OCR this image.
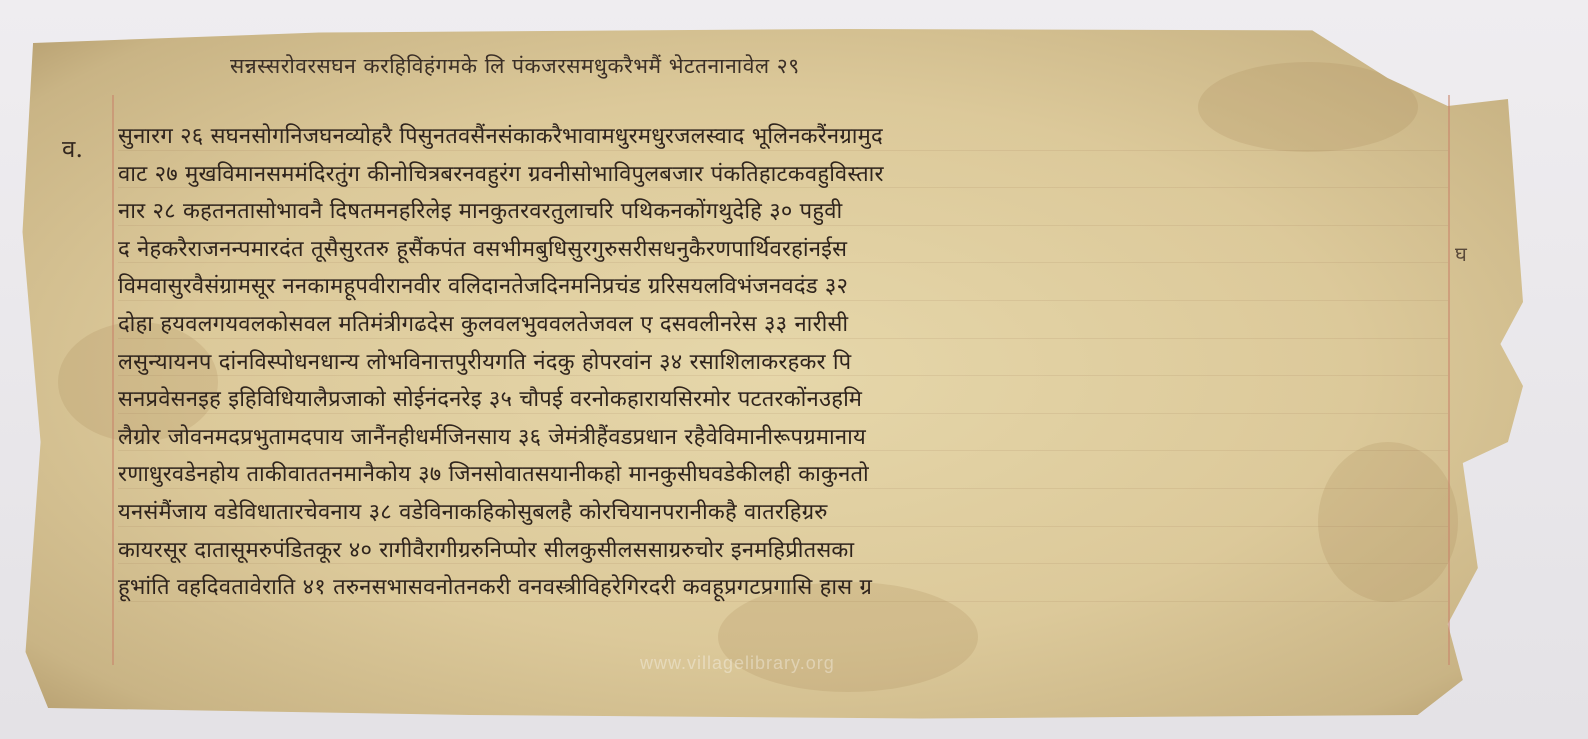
सन्नस्सरोवरसघन करहिविहंगमके लि पंकजरसमधुकरैभमैं भेटतनानावेल २९
व.
घ
सुनारग २६ सघनसोगनिजघनव्योहरै पिसुनतवसैंनसंकाकरैभावामधुरमधुरजलस्वाद भूलिनकरैंनग्रामुद
वाट २७ मुखविमानसममंदिरतुंग कीनोचित्रबरनवहुरंग ग्रवनीसोभाविपुलबजार पंकतिहाटकवहुविस्तार
नार २८ कहतनतासोभावनै दिषतमनहरिलेइ मानकुतरवरतुलाचरि पथिकनकोंगथुदेहि ३० पहुवी
द नेहकरैराजनन्पमारदंत तूसैसुरतरु हूसैंकपंत वसभीमबुधिसुरगुरुसरीसधनुकैरणपार्थिवरहांनईस
विमवासुरवैसंग्रामसूर ननकामहूपवीरानवीर वलिदानतेजदिनमनिप्रचंड ग्ररिसयलविभंजनवदंड ३२
दोहा हयवलगयवलकोसवल मतिमंत्रीगढदेस कुलवलभुववलतेजवल ए दसवलीनरेस ३३ नारीसी
लसुन्यायनप दांनविस्पोधनधान्य लोभविनात्तपुरीयगति नंदकु होपरवांन ३४ रसाशिलाकरहकर पि
सनप्रवेसनइह इहिविधियालैप्रजाको सोईनंदनरेइ ३५ चौपई वरनोकहारायसिरमोर पटतरकोंनउहमि
लैग्रोर जोवनमदप्रभुतामदपाय जानैंनहीधर्मजिनसाय ३६ जेमंत्रीहैंवडप्रधान रहैवेविमानीरूपग्रमानाय
रणाधुरवडेनहोय ताकीवाततनमानैकोय ३७ जिनसोवातसयानीकहो मानकुसीघवडेकीलही काकुनतो
यनसंमैंजाय वडेविधातारचेवनाय ३८ वडेविनाकहिकोसुबलहै कोरचियानपरानीकहै वातरहिग्ररु
कायरसूर दातासूमरुपंडितकूर ४० रागीवैरागीग्ररुनिप्पोर सीलकुसीलससाग्ररुचोर इनमहिप्रीतसका
हूभांति वहदिवतावेराति ४१ तरुनसभासवनोतनकरी वनवस्त्रीविहरेगिरदरी कवहूप्रगटप्रगासि हास ग्र
www.villagelibrary.org
